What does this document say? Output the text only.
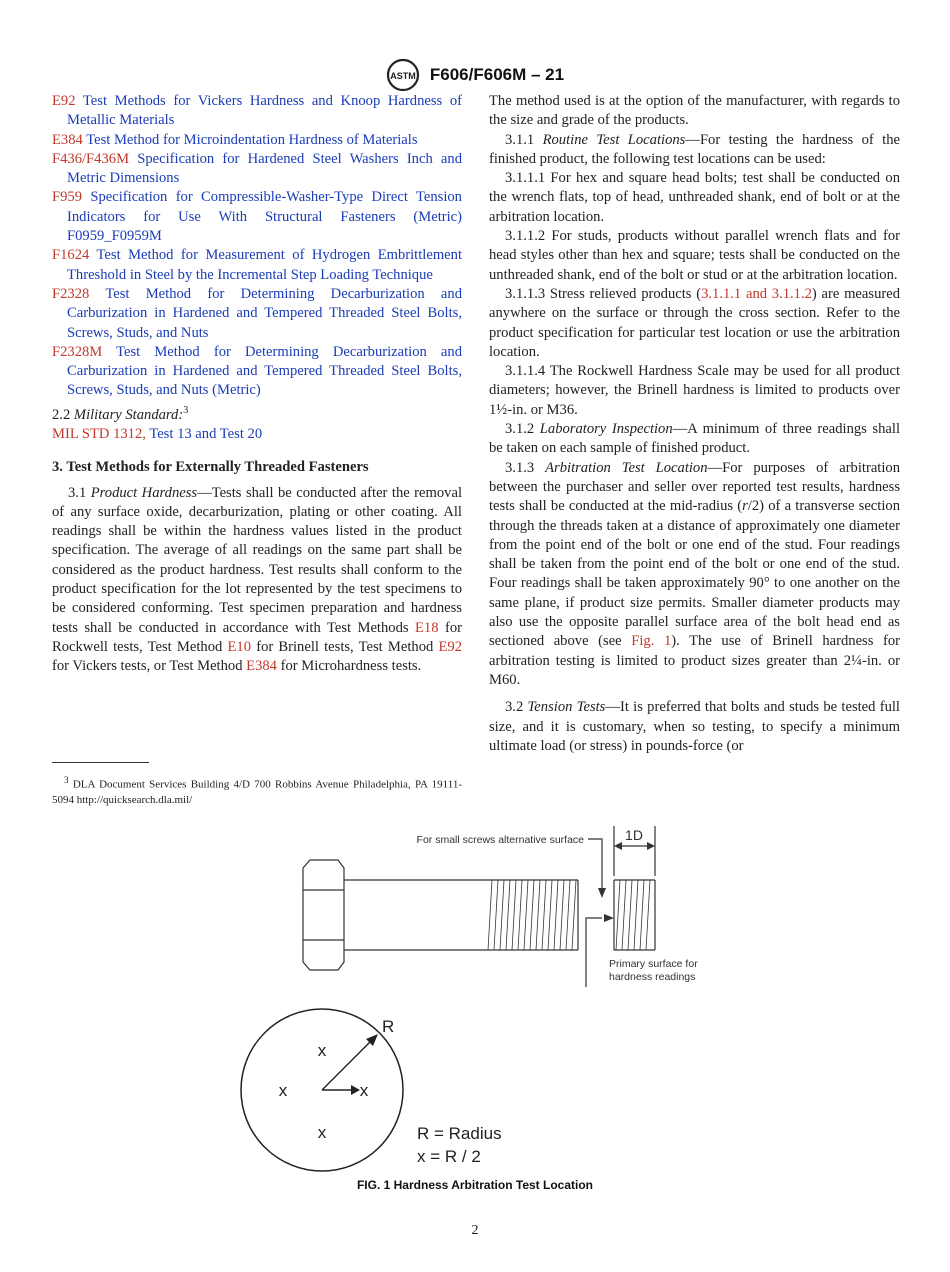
ASTM F606/F606M – 21

E92 Test Methods for Vickers Hardness and Knoop Hardness of Metallic Materials

E384 Test Method for Microindentation Hardness of Materials

F436/F436M Specification for Hardened Steel Washers Inch and Metric Dimensions

F959 Specification for Compressible-Washer-Type Direct Tension Indicators for Use With Structural Fasteners (Metric) F0959_F0959M

F1624 Test Method for Measurement of Hydrogen Embrittlement Threshold in Steel by the Incremental Step Loading Technique

F2328 Test Method for Determining Decarburization and Carburization in Hardened and Tempered Threaded Steel Bolts, Screws, Studs, and Nuts

F2328M Test Method for Determining Decarburization and Carburization in Hardened and Tempered Threaded Steel Bolts, Screws, Studs, and Nuts (Metric)

2.2 Military Standard:$^3$

MIL STD 1312, Test 13 and Test 20

3. Test Methods for Externally Threaded Fasteners

3.1 Product Hardness—Tests shall be conducted after the removal of any surface oxide, decarburization, plating or other coating. All readings shall be within the hardness values listed in the product specification. The average of all readings on the same part shall be considered as the product hardness. Test results shall conform to the product specification for the lot represented by the test specimens to be considered conforming. Test specimen preparation and hardness tests shall be conducted in accordance with Test Methods E18 for Rockwell tests, Test Method E10 for Brinell tests, Test Method E92 for Vickers tests, or Test Method E384 for Microhardness tests.

$^3$ DLA Document Services Building 4/D 700 Robbins Avenue Philadelphia, PA 19111-5094 http://quicksearch.dla.mil/

The method used is at the option of the manufacturer, with regards to the size and grade of the products.

3.1.1 Routine Test Locations—For testing the hardness of the finished product, the following test locations can be used:

3.1.1.1 For hex and square head bolts; test shall be conducted on the wrench flats, top of head, unthreaded shank, end of bolt or at the arbitration location.

3.1.1.2 For studs, products without parallel wrench flats and for head styles other than hex and square; tests shall be conducted on the unthreaded shank, end of the bolt or stud or at the arbitration location.

3.1.1.3 Stress relieved products (3.1.1.1 and 3.1.1.2) are measured anywhere on the surface or through the cross section. Refer to the product specification for particular test location or use the arbitration location.

3.1.1.4 The Rockwell Hardness Scale may be used for all product diameters; however, the Brinell hardness is limited to products over 1½-in. or M36.

3.1.2 Laboratory Inspection—A minimum of three readings shall be taken on each sample of finished product.

3.1.3 Arbitration Test Location—For purposes of arbitration between the purchaser and seller over reported test results, hardness tests shall be conducted at the mid-radius (r/2) of a transverse section through the threads taken at a distance of approximately one diameter from the point end of the bolt or one end of the stud. Four readings shall be taken from the point end of the bolt or one end of the stud. Four readings shall be taken approximately 90° to one another on the same plane, if product size permits. Smaller diameter products may also use the opposite parallel surface area of the bolt head end as sectioned above (see Fig. 1). The use of Brinell hardness for arbitration testing is limited to product sizes greater than 2¼-in. or M60.

3.2 Tension Tests—It is preferred that bolts and studs be tested full size, and it is customary, when so testing, to specify a minimum ultimate load (or stress) in pounds-force (or

For small screws alternative surface	1D
Primary surface for
hardness readings
R
x
x	x
x	R = Radius
x = R / 2
FIG. 1 Hardness Arbitration Test Location
2
